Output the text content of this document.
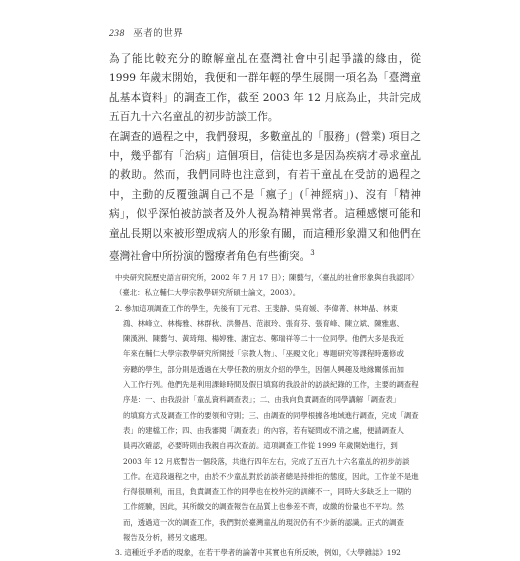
238 巫者的世界

為了能比較充分的瞭解童乩在臺灣社會中引起爭議的緣由，從 1999 年歲末開始，我便和一群年輕的學生展開一項名為「臺灣童乩基本資料」的調查工作，截至 2003 年 12 月底為止，共計完成五百九十六名童乩的初步訪談工作。

在調查的過程之中，我們發現，多數童乩的「服務」(營業) 項目之中，幾乎都有「治病」這個項目，信徒也多是因為疾病才尋求童乩的救助。然而，我們同時也注意到，有若干童乩在受訪的過程之中，主動的反覆強調自己不是「瘋子」(「神經病」)、沒有「精神病」，似乎深怕被訪談者及外人視為精神異常者。這種感懷可能和童乩長期以來被形塑成病人的形象有關，而這種形象淵又和他們在臺灣社會中所扮演的醫療者角色有些衝突。$^3$

中央研究院歷史語言研究所，2002 年 7 月 17 日）；陳藝勻，〈臺乩的社會形象與自我認同〉
（臺北：私立輔仁大學宗教學研究所碩士論文，2003）。
2. 參加這項調查工作的學生，先後有丁元君、王斐静、吳育媛、李偉菁、林坤晶、林東
鴻、林峰立、林梅雅、林群秋、洪譽昌、范淑玲、張育芬、張育峰、陳立斌、陳雅惠、
陳漢洲、陳藝勻、黃琦翔、楊婷雅、謝宜志、鄭瑞祥等二十一位同學。他們大多是我近
年來在輔仁大學宗教學研究所開授「宗教人物」、「巫覡文化」專題研究等課程時選修或
旁聽的學生，部分則是透過在大學任教的朋友介紹的學生，因個人興趣及地緣關係而加
入工作行列。他們先是利用課餘時間及假日填寫的我設計的訪談紀錄的工作，主要的調查程
序是：一、由我設計「童乩資料調查表」；二、由我向負責調查的同學講解「調查表」
的填寫方式及調查工作的要領和守則；三、由調查的同學根據各地域進行調查，完成「調查
表」的建檔工作；四、由我審閱「調查表」的內容，若有疑問或不清之處，便請調查人
員再次確認，必要時則由我親自再次查訪。這項調查工作從 1999 年歲開始進行，到
2003 年 12 月底暫告一個段落，共進行四年左右，完成了五百九十六名童乩的初步訪談
工作。在這段過程之中，由於不少童乩對於訪談者總是持排拒的態度，因此，工作並不是進
行得很順利，而且，負責調查工作的同學也在校外完的訓練不一，同時大多缺乏上一期的
工作經驗，因此，其所繳交的調查報告在品質上也參差不齊，或繳的份量也不平均。然
而，透過這一次的調查工作，我們對於臺灣童乩的現況仍有不少新的認識。正式的調查
報告及分析，將另文處理。
3. 這種近乎矛盾的現象，在若干學者的論著中其實也有所反映，例如，《大學雜誌》192
